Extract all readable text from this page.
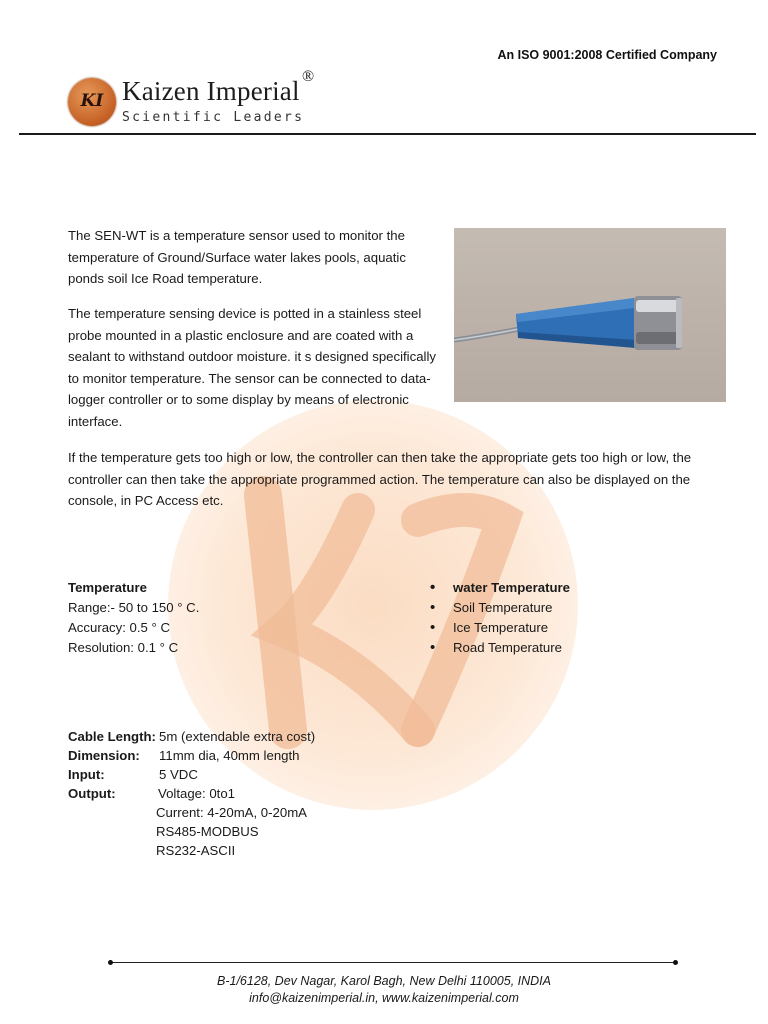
An ISO 9001:2008 Certified Company
KI Kaizen Imperial ®
Scientific Leaders
The SEN-WT is a temperature sensor used to monitor the temperature of Ground/Surface water lakes pools, aquatic ponds soil Ice Road temperature.
The temperature sensing device is potted in a stainless steel probe mounted in a plastic enclosure and are coated with a sealant to withstand outdoor moisture. it s designed specifically to monitor temperature. The sensor can be connected to data-logger controller or to some display by means of electronic interface.
If the temperature gets too high or low, the controller can then take the appropriate gets too high or low, the controller can then take the appropriate programmed action. The temperature can also be displayed on the console, in PC Access etc.
Temperature
Range:- 50 to 150 ° C.
Accuracy: 0.5 ° C
Resolution: 0.1 ° C
• water Temperature
• Soil Temperature
• Ice Temperature
• Road Temperature
Cable Length: 5m (extendable extra cost)
Dimension:	11mm dia, 40mm length
Input:	5 VDC
Output:	Voltage: 0to1
Current: 4-20mA, 0-20mA
RS485-MODBUS
RS232-ASCII
B-1/6128, Dev Nagar, Karol Bagh, New Delhi 110005, INDIA
info@kaizenimperial.in, www.kaizenimperial.com
